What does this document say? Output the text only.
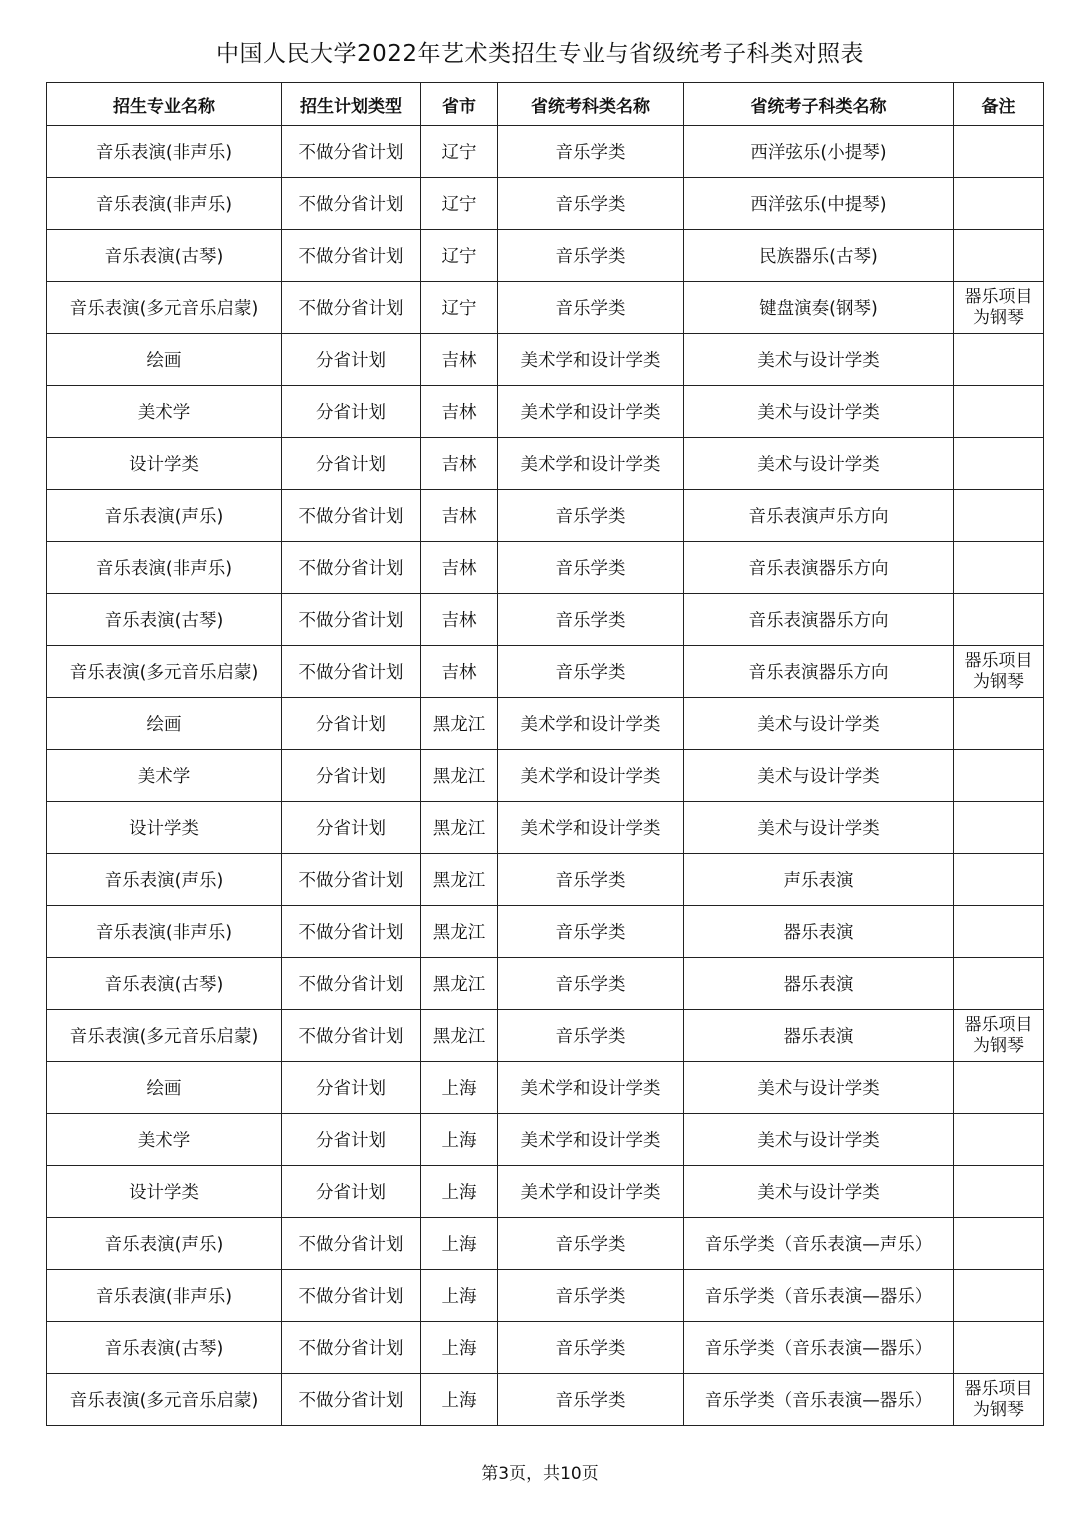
中国人民大学2022年艺术类招生专业与省级统考子科类对照表
招生专业名称	招生计划类型	省市	省统考科类名称	省统考子科类名称	备注
音乐表演(非声乐)	不做分省计划	辽宁	音乐学类	西洋弦乐(小提琴)	
音乐表演(非声乐)	不做分省计划	辽宁	音乐学类	西洋弦乐(中提琴)	
音乐表演(古琴)	不做分省计划	辽宁	音乐学类	民族器乐(古琴)	
音乐表演(多元音乐启蒙)	不做分省计划	辽宁	音乐学类	键盘演奏(钢琴)	器乐项目
为钢琴
绘画	分省计划	吉林	美术学和设计学类	美术与设计学类	
美术学	分省计划	吉林	美术学和设计学类	美术与设计学类	
设计学类	分省计划	吉林	美术学和设计学类	美术与设计学类	
音乐表演(声乐)	不做分省计划	吉林	音乐学类	音乐表演声乐方向	
音乐表演(非声乐)	不做分省计划	吉林	音乐学类	音乐表演器乐方向	
音乐表演(古琴)	不做分省计划	吉林	音乐学类	音乐表演器乐方向	
音乐表演(多元音乐启蒙)	不做分省计划	吉林	音乐学类	音乐表演器乐方向	器乐项目
为钢琴
绘画	分省计划	黑龙江	美术学和设计学类	美术与设计学类	
美术学	分省计划	黑龙江	美术学和设计学类	美术与设计学类	
设计学类	分省计划	黑龙江	美术学和设计学类	美术与设计学类	
音乐表演(声乐)	不做分省计划	黑龙江	音乐学类	声乐表演	
音乐表演(非声乐)	不做分省计划	黑龙江	音乐学类	器乐表演	
音乐表演(古琴)	不做分省计划	黑龙江	音乐学类	器乐表演	
音乐表演(多元音乐启蒙)	不做分省计划	黑龙江	音乐学类	器乐表演	器乐项目
为钢琴
绘画	分省计划	上海	美术学和设计学类	美术与设计学类	
美术学	分省计划	上海	美术学和设计学类	美术与设计学类	
设计学类	分省计划	上海	美术学和设计学类	美术与设计学类	
音乐表演(声乐)	不做分省计划	上海	音乐学类	音乐学类（音乐表演—声乐）	
音乐表演(非声乐)	不做分省计划	上海	音乐学类	音乐学类（音乐表演—器乐）	
音乐表演(古琴)	不做分省计划	上海	音乐学类	音乐学类（音乐表演—器乐）	
音乐表演(多元音乐启蒙)	不做分省计划	上海	音乐学类	音乐学类（音乐表演—器乐）	器乐项目
为钢琴
第3页，共10页
